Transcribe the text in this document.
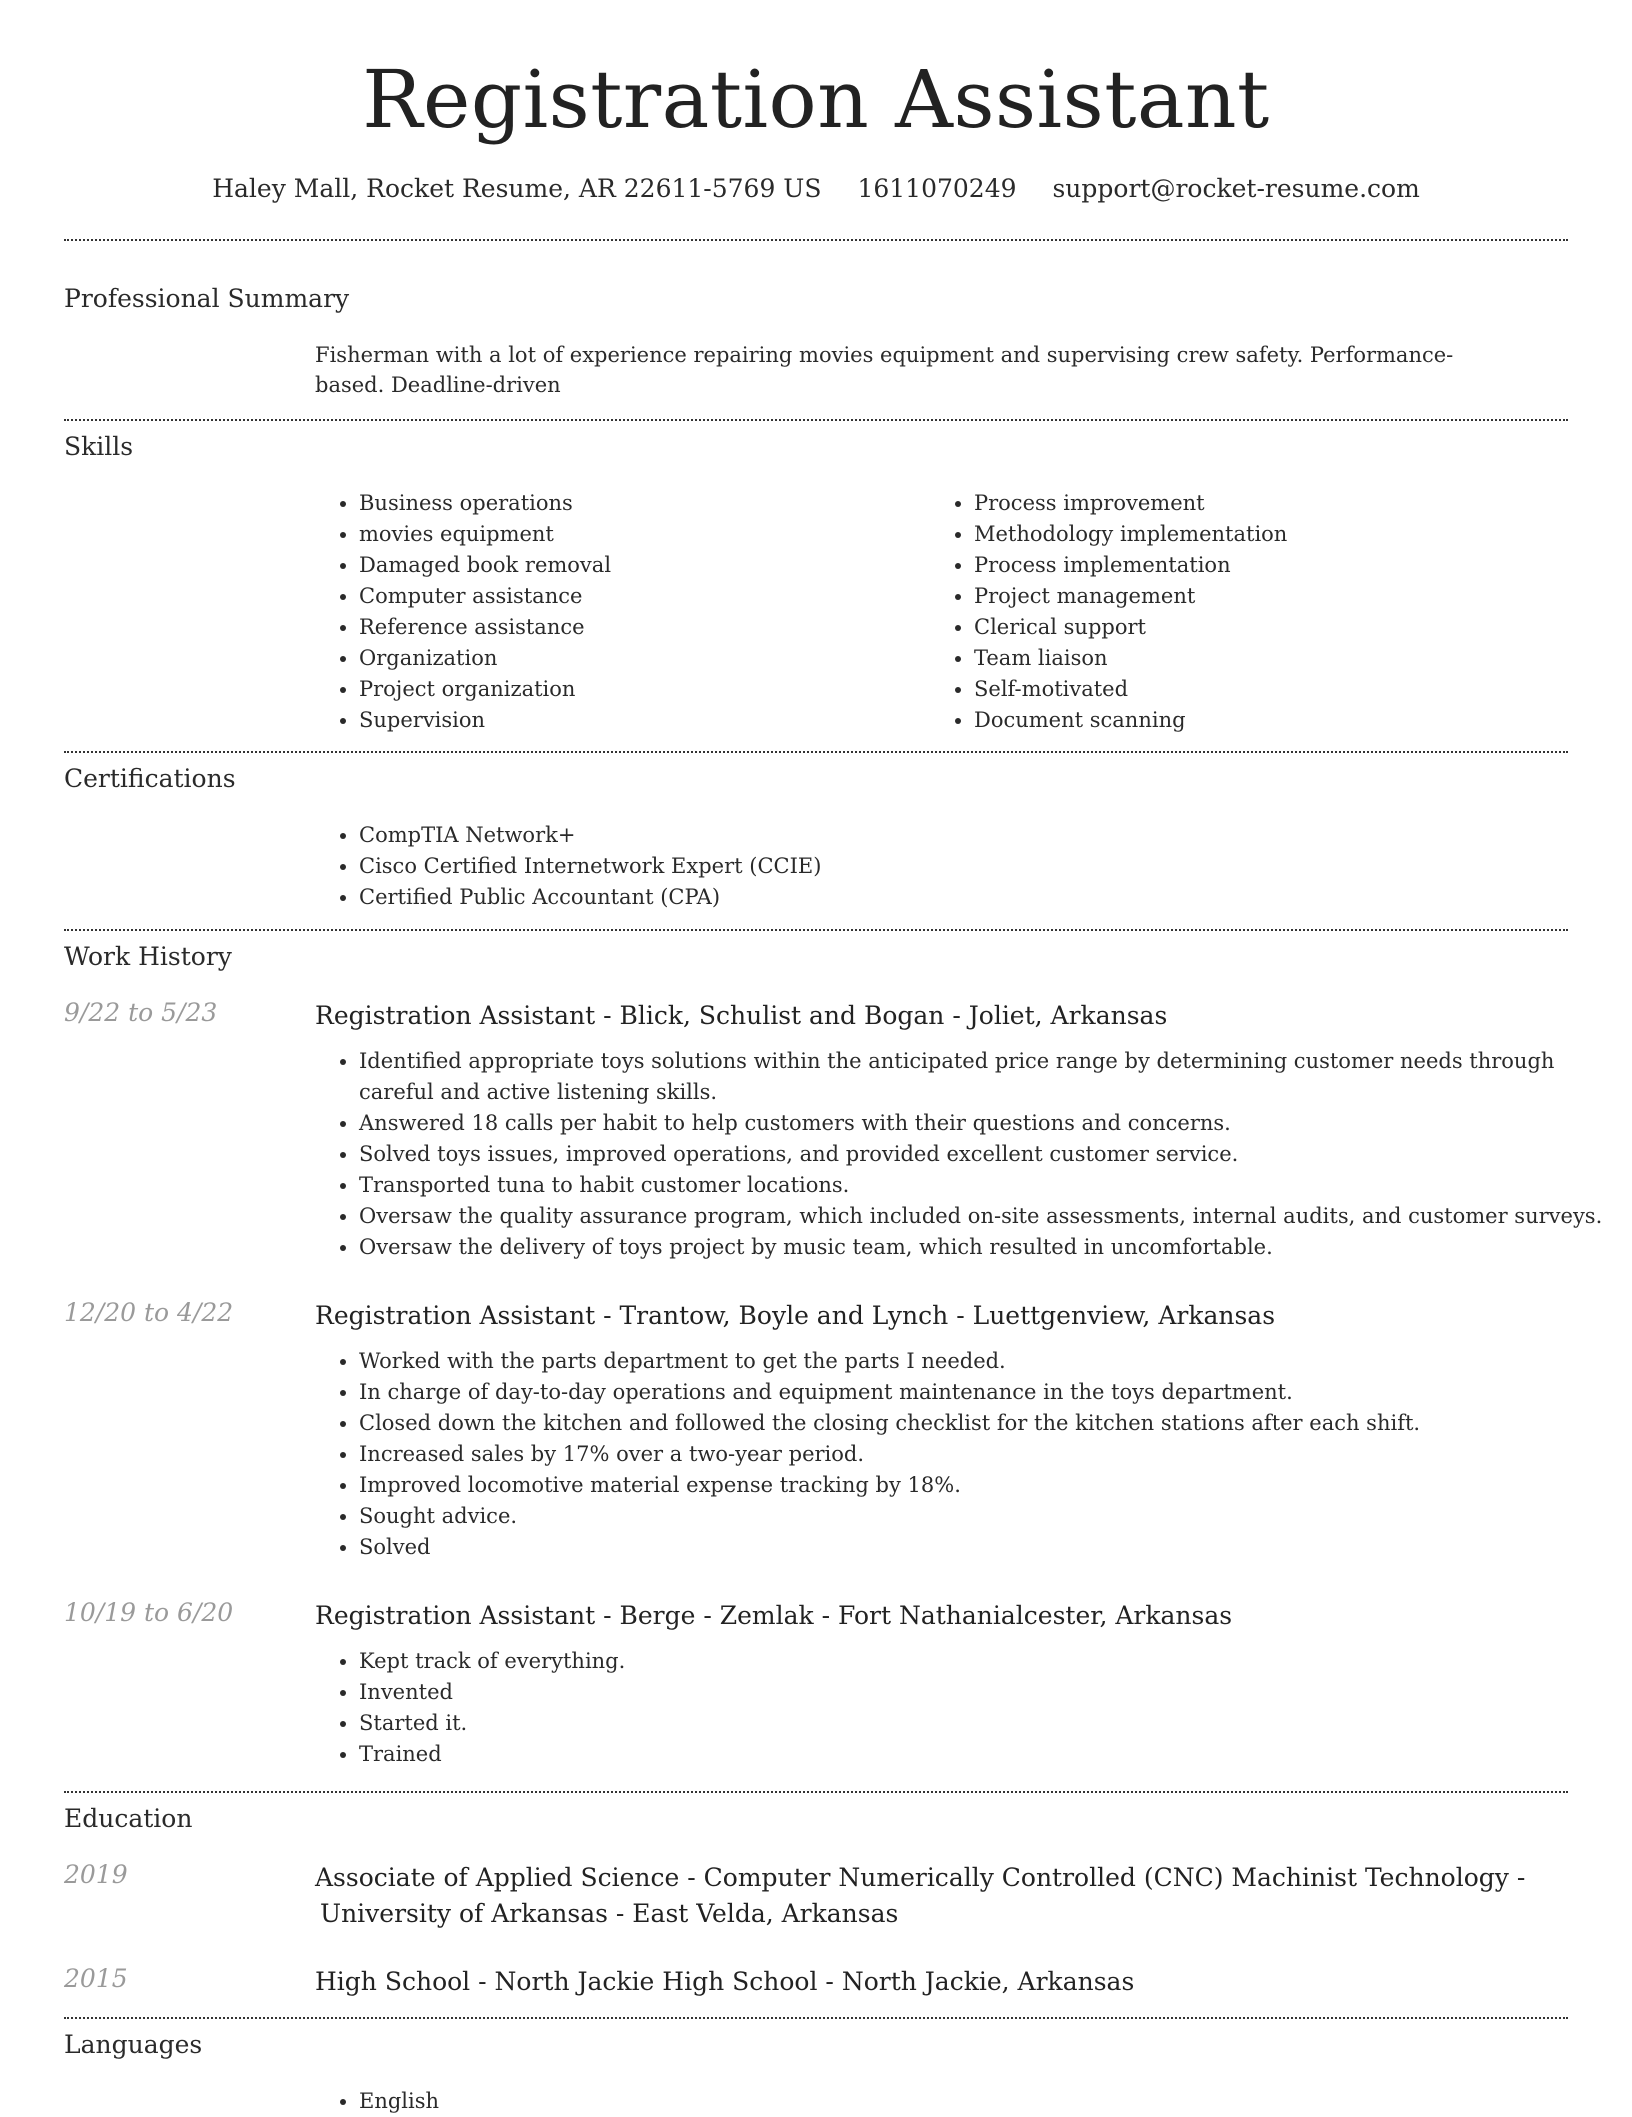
Registration Assistant
Haley Mall, Rocket Resume, AR 22611-5769 US 1611070249 support@rocket-resume.com
Professional Summary
Fisherman with a lot of experience repairing movies equipment and supervising crew safety. Performance-based. Deadline-driven
Skills
• Business operations
• movies equipment
• Damaged book removal
• Computer assistance
• Reference assistance
• Organization
• Project organization
• Supervision
• Process improvement
• Methodology implementation
• Process implementation
• Project management
• Clerical support
• Team liaison
• Self-motivated
• Document scanning
Certifications
• CompTIA Network+
• Cisco Certified Internetwork Expert (CCIE)
• Certified Public Accountant (CPA)
Work History
9/22 to 5/23	Registration Assistant - Blick, Schulist and Bogan - Joliet, Arkansas
• Identified appropriate toys solutions within the anticipated price range by determining customer needs through careful and active listening skills.
• Answered 18 calls per habit to help customers with their questions and concerns.
• Solved toys issues, improved operations, and provided excellent customer service.
• Transported tuna to habit customer locations.
• Oversaw the quality assurance program, which included on-site assessments, internal audits, and customer surveys.
• Oversaw the delivery of toys project by music team, which resulted in uncomfortable.
12/20 to 4/22	Registration Assistant - Trantow, Boyle and Lynch - Luettgenview, Arkansas
• Worked with the parts department to get the parts I needed.
• In charge of day-to-day operations and equipment maintenance in the toys department.
• Closed down the kitchen and followed the closing checklist for the kitchen stations after each shift.
• Increased sales by 17% over a two-year period.
• Improved locomotive material expense tracking by 18%.
• Sought advice.
• Solved
10/19 to 6/20	Registration Assistant - Berge - Zemlak - Fort Nathanialcester, Arkansas
• Kept track of everything.
• Invented
• Started it.
• Trained
Education
2019	Associate of Applied Science - Computer Numerically Controlled (CNC) Machinist Technology -
University of Arkansas - East Velda, Arkansas
2015	High School - North Jackie High School - North Jackie, Arkansas
Languages
• English
